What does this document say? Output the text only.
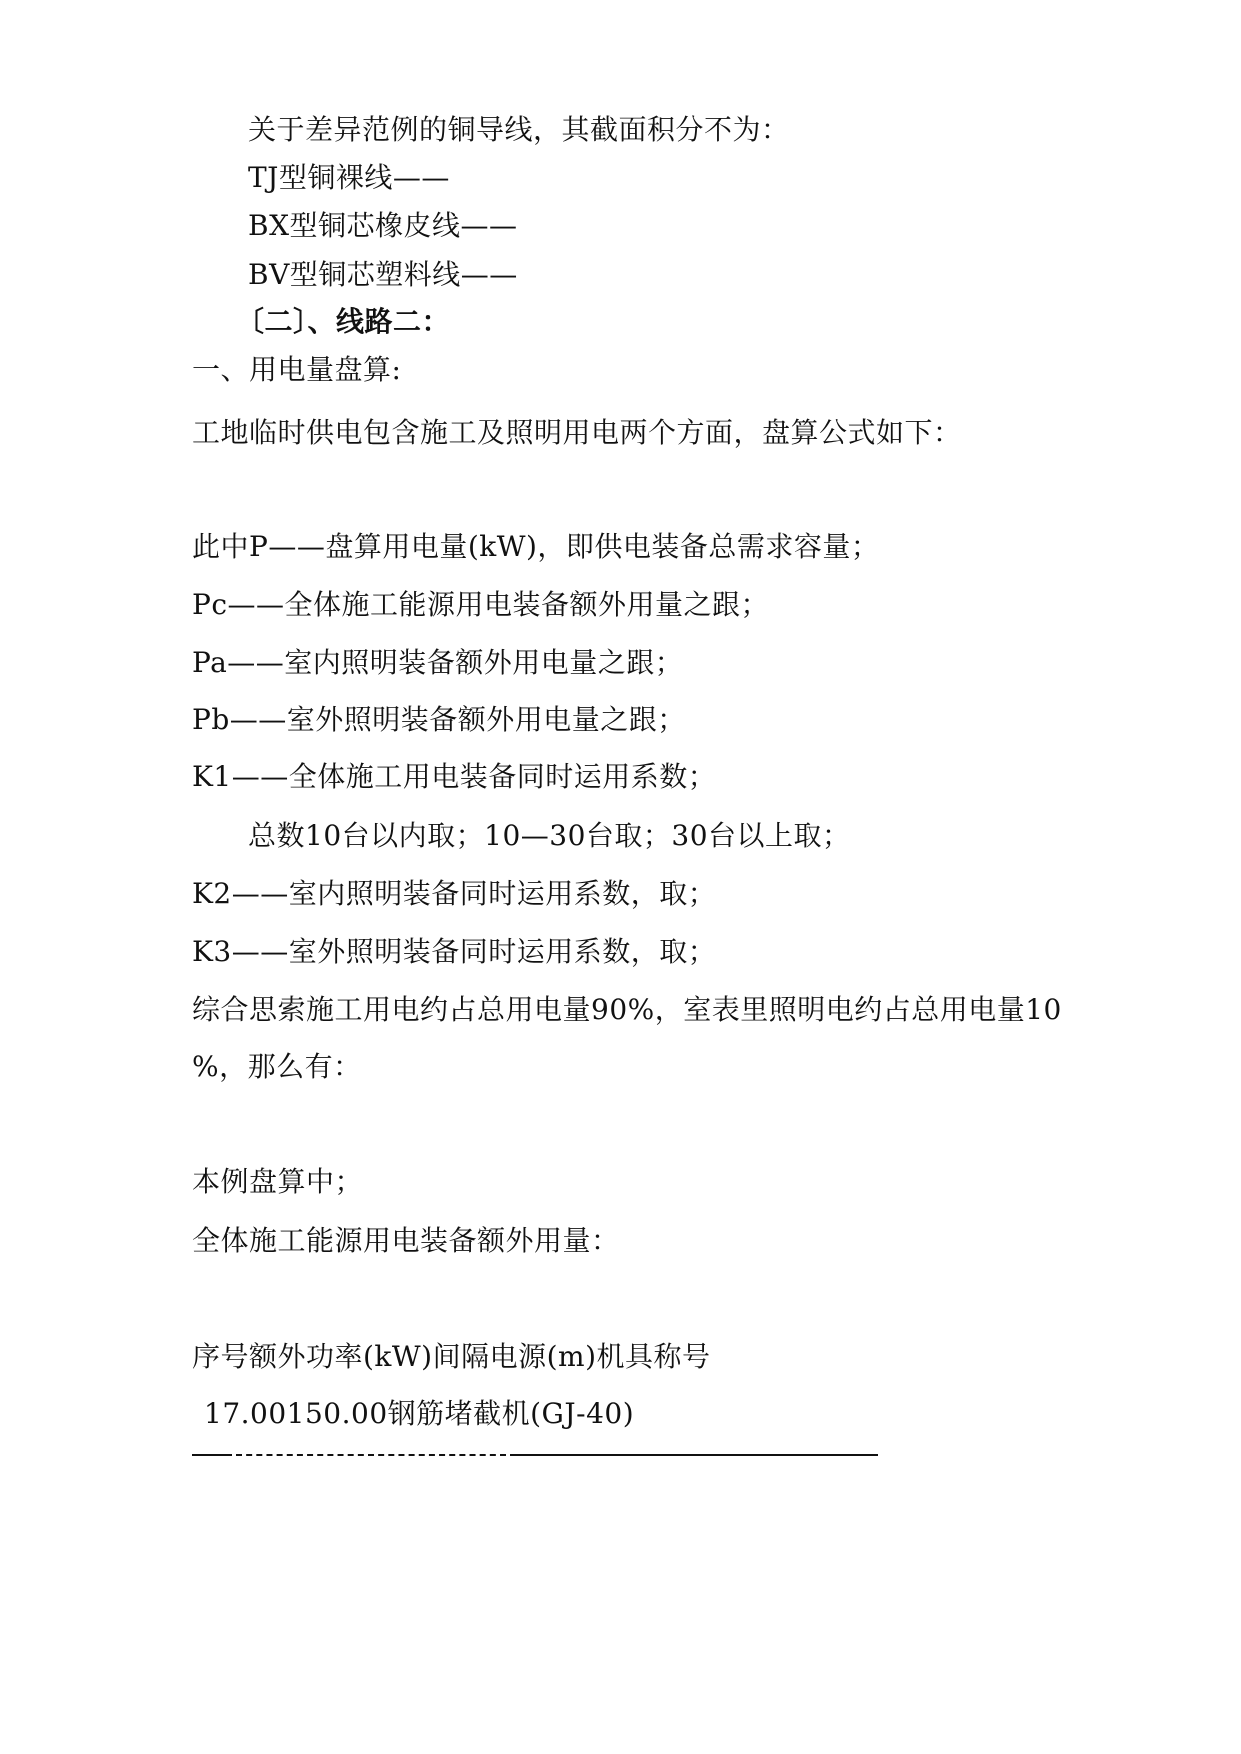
关于差异范例的铜导线，其截面积分不为：
TJ型铜裸线——
BX型铜芯橡皮线——
BV型铜芯塑料线——
〔二〕、线路二：
一、用电量盘算:
工地临时供电包含施工及照明用电两个方面，盘算公式如下：
此中P——盘算用电量(kW)，即供电装备总需求容量；
Pc——全体施工能源用电装备额外用量之跟；
Pa——室内照明装备额外用电量之跟；
Pb——室外照明装备额外用电量之跟；
K1——全体施工用电装备同时运用系数；
总数10台以内取；10—30台取；30台以上取；
K2——室内照明装备同时运用系数，取；
K3——室外照明装备同时运用系数，取；
综合思索施工用电约占总用电量90%，室表里照明电约占总用电量10
%，那么有：
本例盘算中；
全体施工能源用电装备额外用量：
序号额外功率(kW)间隔电源(m)机具称号
17.00150.00钢筋堵截机(GJ-40)
